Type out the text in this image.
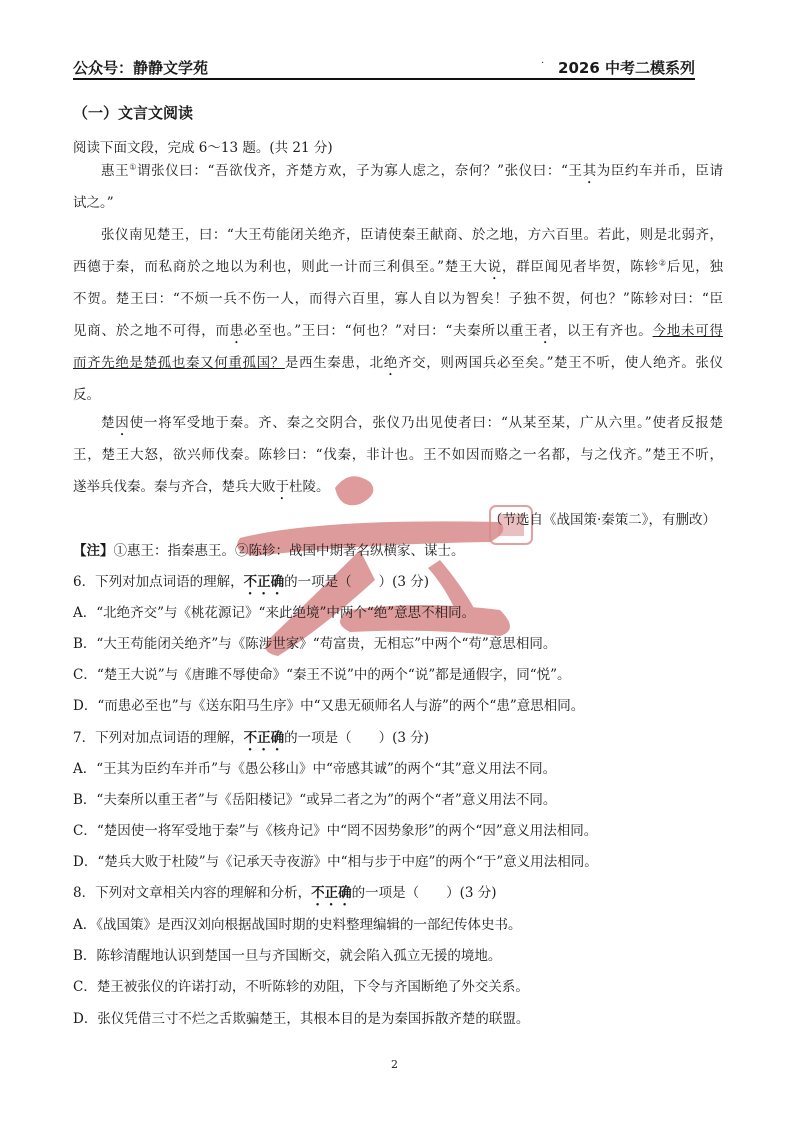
公众号：静静文学苑	. 2026 中考二模系列
（一）文言文阅读
阅读下面文段，完成 6～13 题。(共 21 分)
惠王①谓张仪曰：“吾欲伐齐，齐楚方欢，子为寡人虑之，奈何？”张仪曰：“王其为臣约车并币，臣请
试之。”
张仪南见楚王，曰：“大王苟能闭关绝齐，臣请使秦王献商、於之地，方六百里。若此，则是北弱齐，
西德于秦，而私商於之地以为利也，则此一计而三利俱至。”楚王大说，群臣闻见者毕贺，陈轸②后见，独
不贺。楚王曰：“不烦一兵不伤一人，而得六百里，寡人自以为智矣！子独不贺，何也？”陈轸对曰：“臣
见商、於之地不可得，而患必至也。”王曰：“何也？”对曰：“夫秦所以重王者，以王有齐也。今地未可得
而齐先绝是楚孤也秦又何重孤国？是西生秦患，北绝齐交，则两国兵必至矣。”楚王不听，使人绝齐。张仪
反。
楚因使一将军受地于秦。齐、秦之交阴合，张仪乃出见使者曰：“从某至某，广从六里。”使者反报楚
王，楚王大怒，欲兴师伐秦。陈轸曰：“伐秦，非计也。王不如因而赂之一名都，与之伐齐。”楚王不听，
遂举兵伐秦。秦与齐合，楚兵大败于杜陵。
（节选自《战国策·秦策二》，有删改）
【注】①惠王：指秦惠王。②陈轸：战国中期著名纵横家、谋士。
6．下列对加点词语的理解，不正确的一项是（　　）(3 分)
A．“北绝齐交”与《桃花源记》“来此绝境”中两个“绝”意思不相同。
B．“大王苟能闭关绝齐”与《陈涉世家》“苟富贵，无相忘”中两个“苟”意思相同。
C．“楚王大说”与《唐雎不辱使命》“秦王不说”中的两个“说”都是通假字，同“悦”。
D．“而患必至也”与《送东阳马生序》中“又患无硕师名人与游”的两个“患”意思相同。
7．下列对加点词语的理解，不正确的一项是（　　）(3 分)
A．“王其为臣约车并币”与《愚公移山》中“帝感其诚”的两个“其”意义用法不同。
B．“夫秦所以重王者”与《岳阳楼记》“或异二者之为”的两个“者”意义用法不同。
C．“楚因使一将军受地于秦”与《核舟记》中“罔不因势象形”的两个“因”意义用法相同。
D．“楚兵大败于杜陵”与《记承天寺夜游》中“相与步于中庭”的两个“于”意义用法相同。
8．下列对文章相关内容的理解和分析，不正确的一项是（　　）(3 分)
A．《战国策》是西汉刘向根据战国时期的史料整理编辑的一部纪传体史书。
B．陈轸清醒地认识到楚国一旦与齐国断交，就会陷入孤立无援的境地。
C．楚王被张仪的许诺打动，不听陈轸的劝阻，下令与齐国断绝了外交关系。
D．张仪凭借三寸不烂之舌欺骗楚王，其根本目的是为秦国拆散齐楚的联盟。
2
